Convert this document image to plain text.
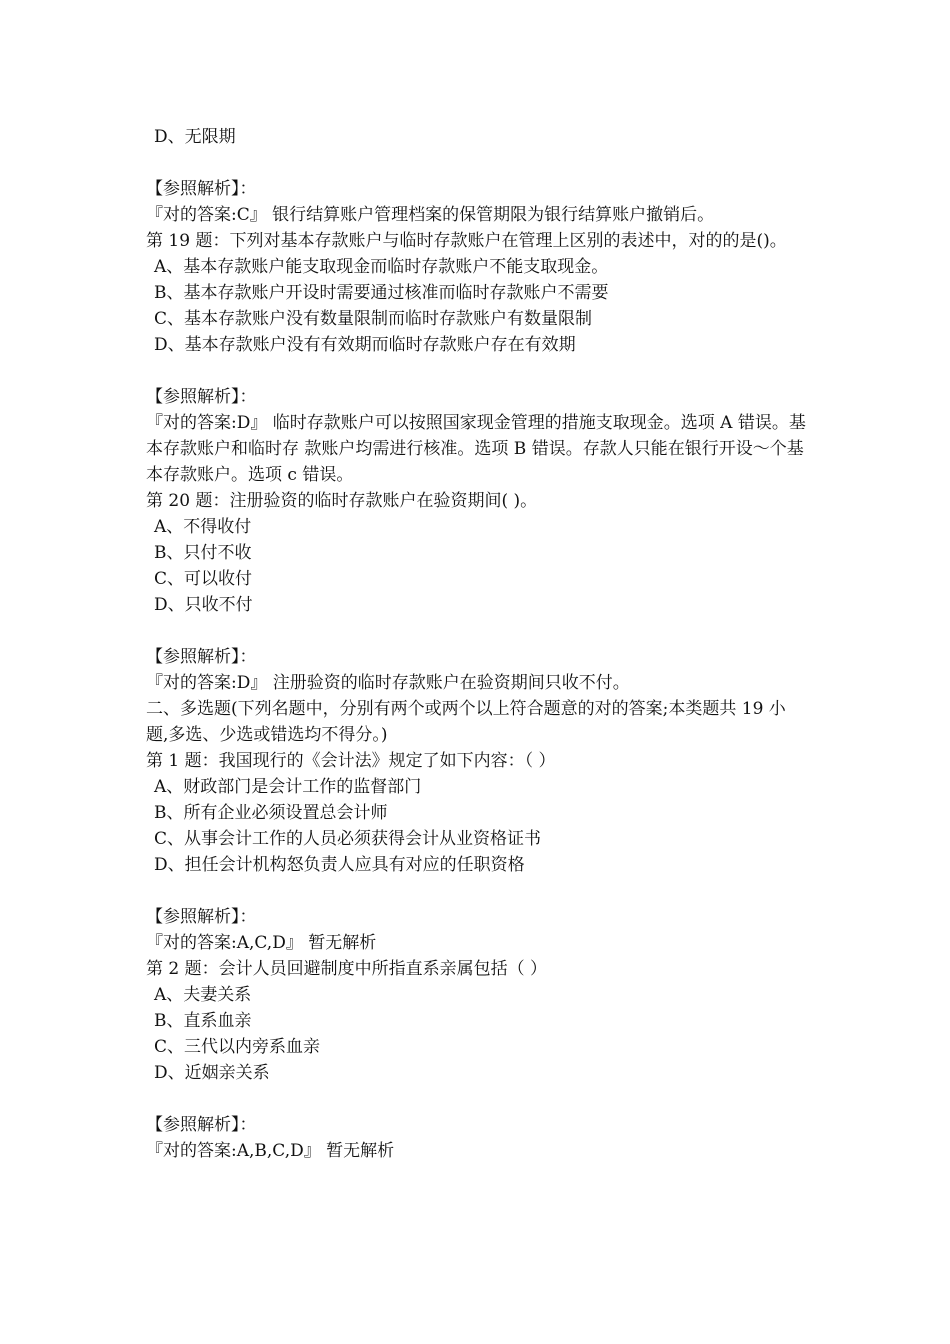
D、无限期
【参照解析】：
『对的答案:C』 银行结算账户管理档案的保管期限为银行结算账户撤销后。
第 19 题：下列对基本存款账户与临时存款账户在管理上区别的表述中，对的的是()。
A、基本存款账户能支取现金而临时存款账户不能支取现金。
B、基本存款账户开设时需要通过核准而临时存款账户不需要
C、基本存款账户没有数量限制而临时存款账户有数量限制
D、基本存款账户没有有效期而临时存款账户存在有效期
【参照解析】：
『对的答案:D』 临时存款账户可以按照国家现金管理的措施支取现金。选项 A 错误。基本存款账户和临时存 款账户均需进行核准。选项 B 错误。存款人只能在银行开设～个基本存款账户。选项 c 错误。
第 20 题：注册验资的临时存款账户在验资期间( )。
A、不得收付
B、只付不收
C、可以收付
D、只收不付
【参照解析】：
『对的答案:D』 注册验资的临时存款账户在验资期间只收不付。
二、多选题(下列名题中，分别有两个或两个以上符合题意的对的答案;本类题共 19 小题,多选、少选或错选均不得分。)
第 1 题：我国现行的《会计法》规定了如下内容：（ ）
A、财政部门是会计工作的监督部门
B、所有企业必须设置总会计师
C、从事会计工作的人员必须获得会计从业资格证书
D、担任会计机构怒负责人应具有对应的任职资格
【参照解析】：
『对的答案:A,C,D』 暂无解析
第 2 题：会计人员回避制度中所指直系亲属包括（ ）
A、夫妻关系
B、直系血亲
C、三代以内旁系血亲
D、近姻亲关系
【参照解析】：
『对的答案:A,B,C,D』 暂无解析
